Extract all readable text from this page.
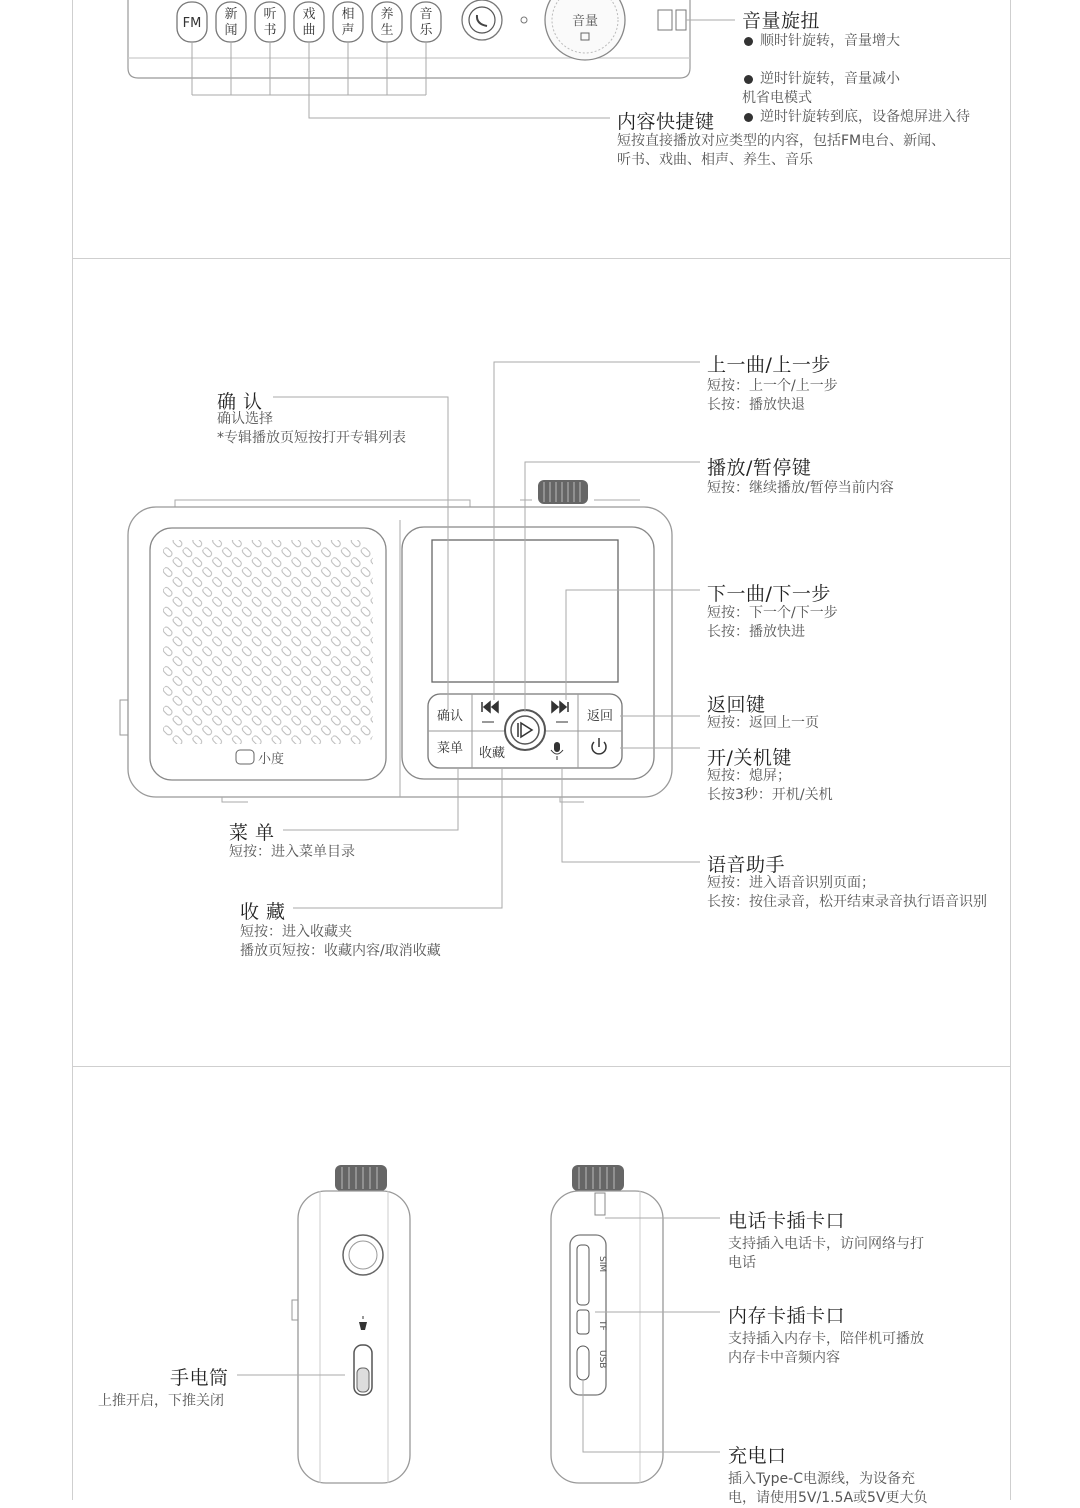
FM
新
闻
听
书
戏
曲
相
声
养
生
音
乐
音量
小度
确认
菜单 收藏
返回
SIM
TF
USB
音量旋扭
顺时针旋转，音量增大
逆时针旋转，音量减小
逆时针旋转到底，设备熄屏进入待
机省电模式
内容快捷键
短按直接播放对应类型的内容，包括FM电台、新闻、
听书、戏曲、相声、养生、音乐
确 认
确认选择
*专辑播放页短按打开专辑列表
上一曲/上一步
短按：上一个/上一步
长按：播放快退
播放/暂停键
短按：继续播放/暂停当前内容
下一曲/下一步
短按：下一个/下一步
长按：播放快进
返回键
短按：返回上一页
开/关机键
短按：熄屏；
长按3秒：开机/关机
菜 单
短按：进入菜单目录
语音助手
短按：进入语音识别页面；
长按：按住录音，松开结束录音执行语音识别
收 藏
短按：进入收藏夹
播放页短按：收藏内容/取消收藏
电话卡插卡口
支持插入电话卡，访问网络与打
电话
内存卡插卡口
支持插入内存卡，陪伴机可播放
内存卡中音频内容
手电筒
上推开启，下推关闭
充电口
插入Type-C电源线，为设备充
电，请使用5V/1.5A或5V更大负
